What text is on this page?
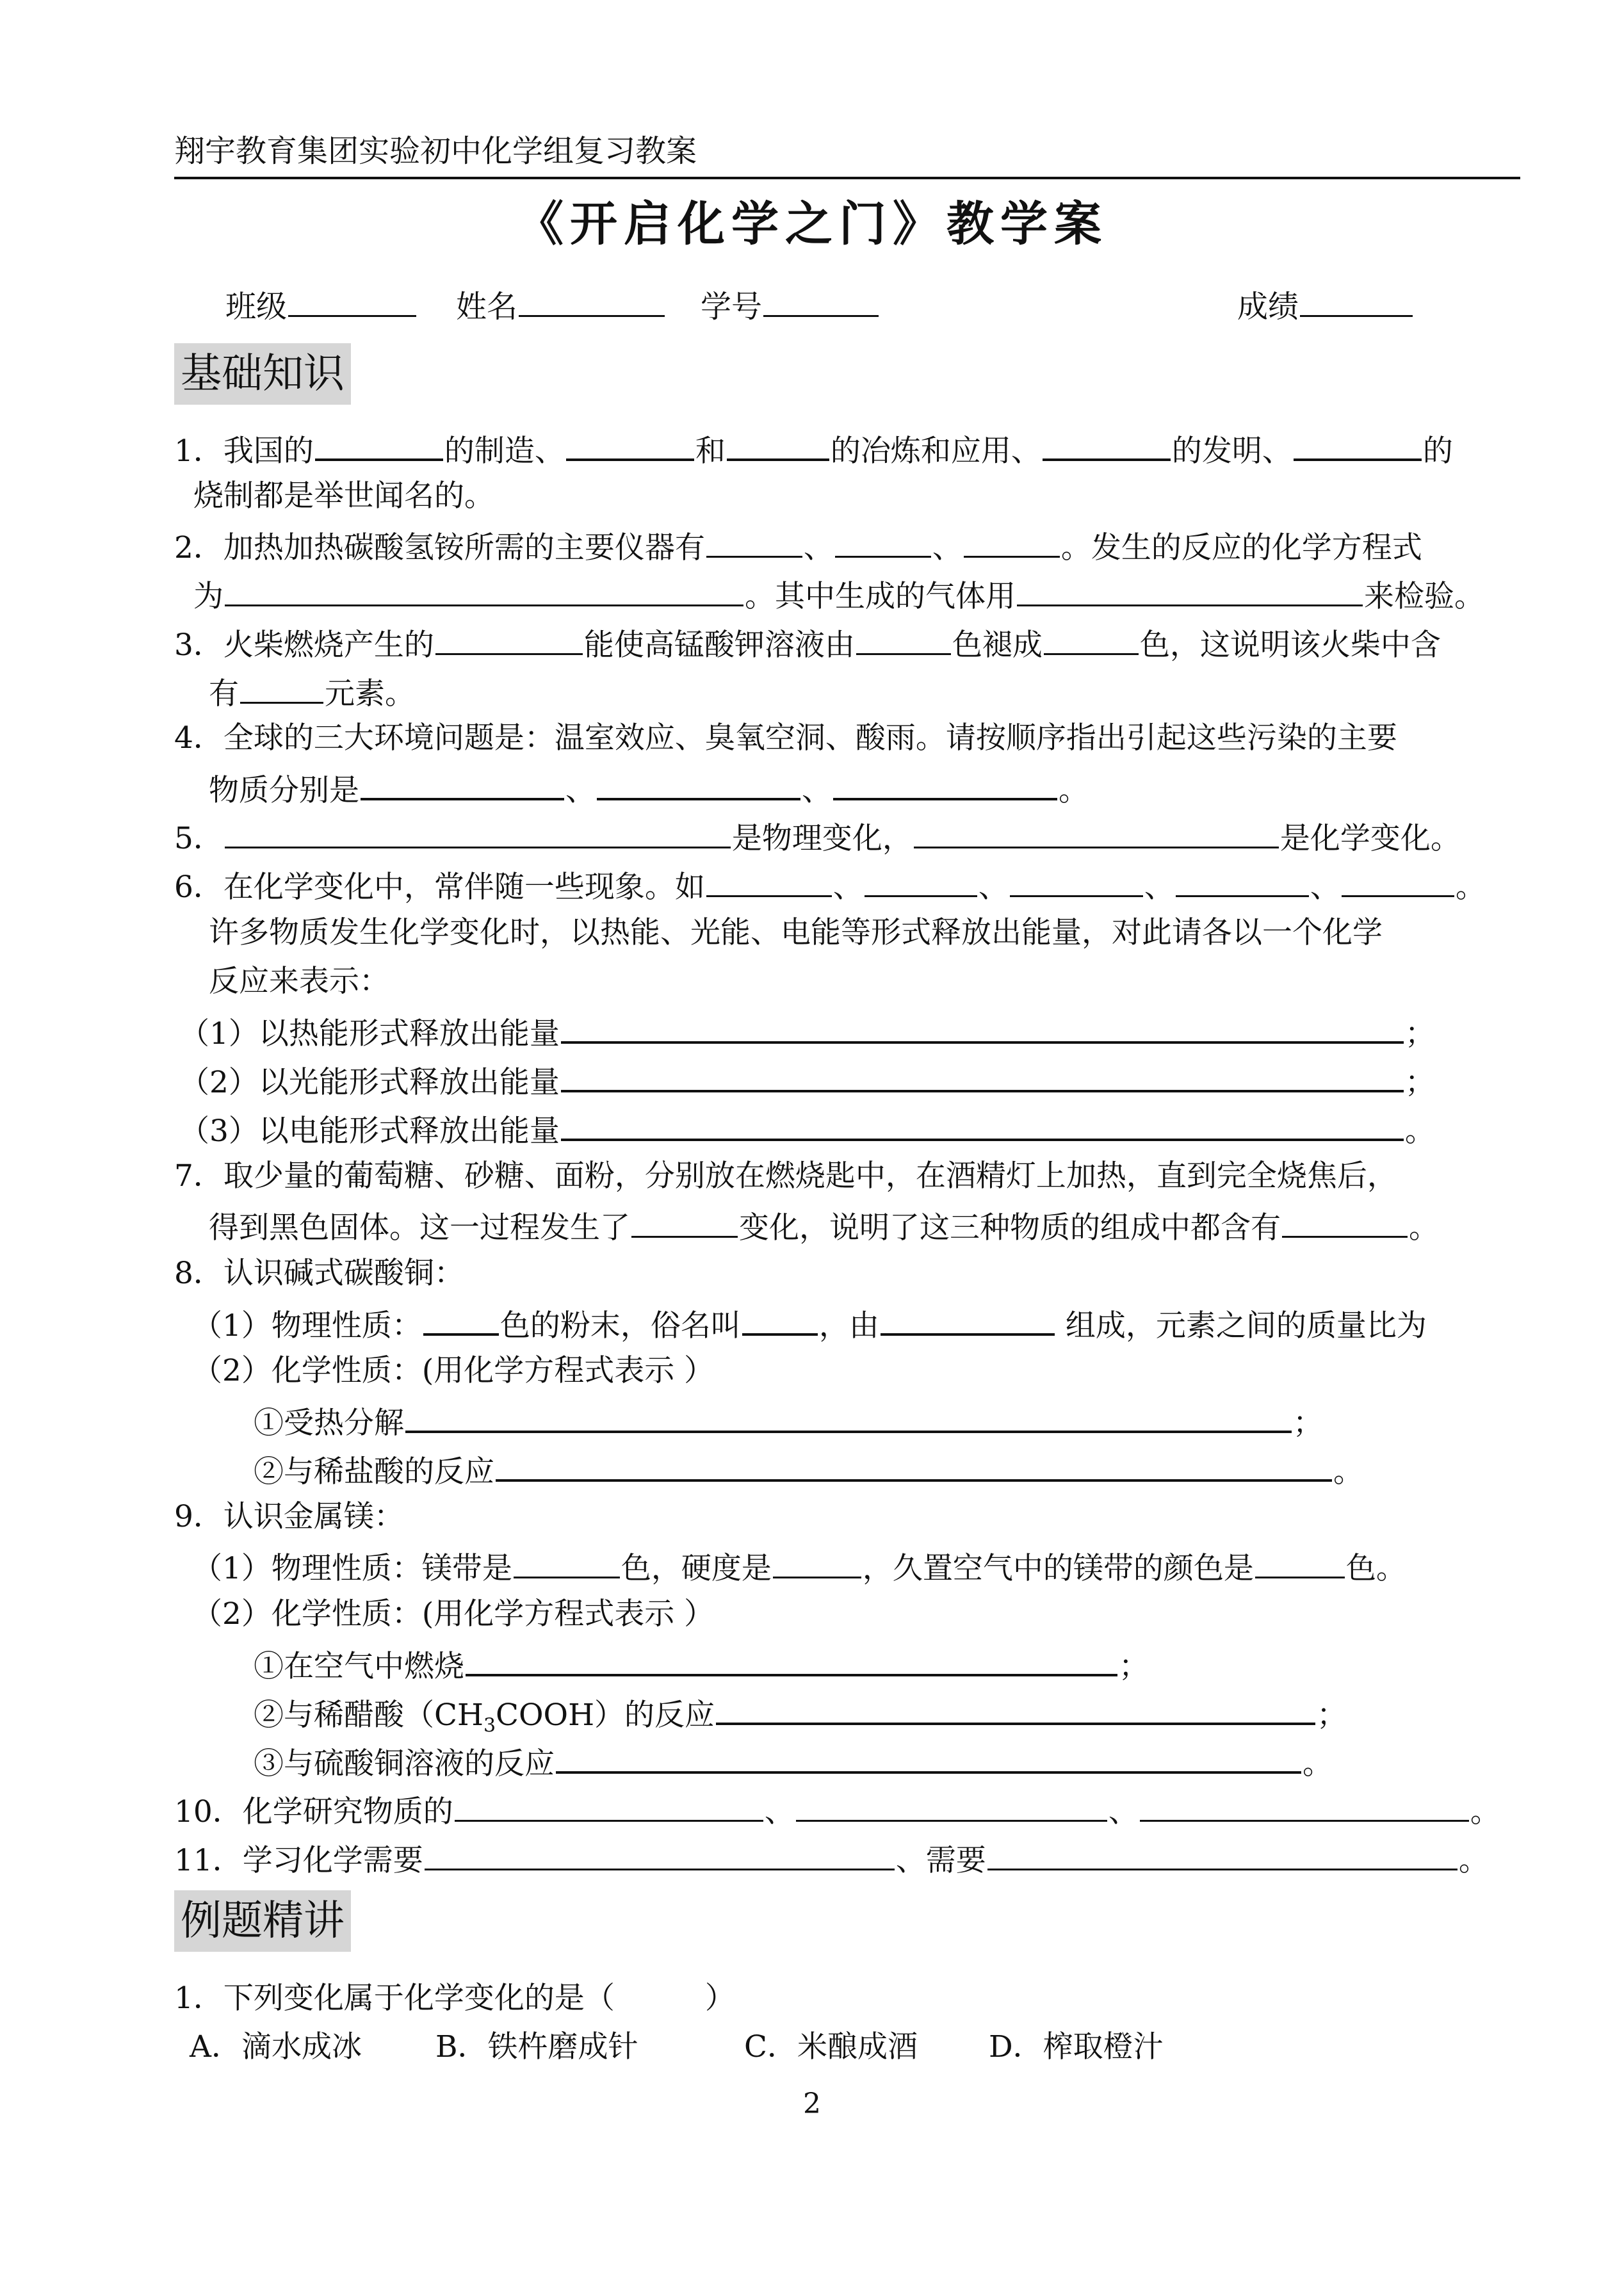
翔宇教育集团实验初中化学组复习教案
《开启化学之门》教学案
班级	姓名	学号	成绩
基础知识
1．我国的	的制造、	和	的冶炼和应用、	的发明、	的
烧制都是举世闻名的。
2．加热加热碳酸氢铵所需的主要仪器有	、	、	。发生的反应的化学方程式
为	。其中生成的气体用	来检验。
3．火柴燃烧产生的	能使高锰酸钾溶液由	色褪成	色，这说明该火柴中含
有	元素。
4．全球的三大环境问题是：温室效应、臭氧空洞、酸雨。请按顺序指出引起这些污染的主要
物质分别是	、	、	。
5．	是物理变化，	是化学变化。
6．在化学变化中，常伴随一些现象。如	、	、	、	、	。
许多物质发生化学变化时，以热能、光能、电能等形式释放出能量，对此请各以一个化学
反应来表示：
（1）以热能形式释放出能量	；
（2）以光能形式释放出能量	；
（3）以电能形式释放出能量	。
7．取少量的葡萄糖、砂糖、面粉，分别放在燃烧匙中，在酒精灯上加热，直到完全烧焦后，
得到黑色固体。这一过程发生了	变化，说明了这三种物质的组成中都含有	。
8．认识碱式碳酸铜：
（1）物理性质：	色的粉末，俗名叫	，由	组成，元素之间的质量比为
（2）化学性质：(用化学方程式表示 ）
①受热分解	；
②与稀盐酸的反应	。
9．认识金属镁：
（1）物理性质：镁带是	色，硬度是	，久置空气中的镁带的颜色是	色。
（2）化学性质：(用化学方程式表示 ）
①在空气中燃烧	；
②与稀醋酸$(CH_3COOH)$的反应	；
③与硫酸铜溶液的反应	。
10．化学研究物质的	、	、	。
11．学习化学需要	、需要	。
例题精讲
1．下列变化属于化学变化的是（　　　）
A．滴水成冰 B．铁杵磨成针	C．米酿成酒 D．榨取橙汁
2
